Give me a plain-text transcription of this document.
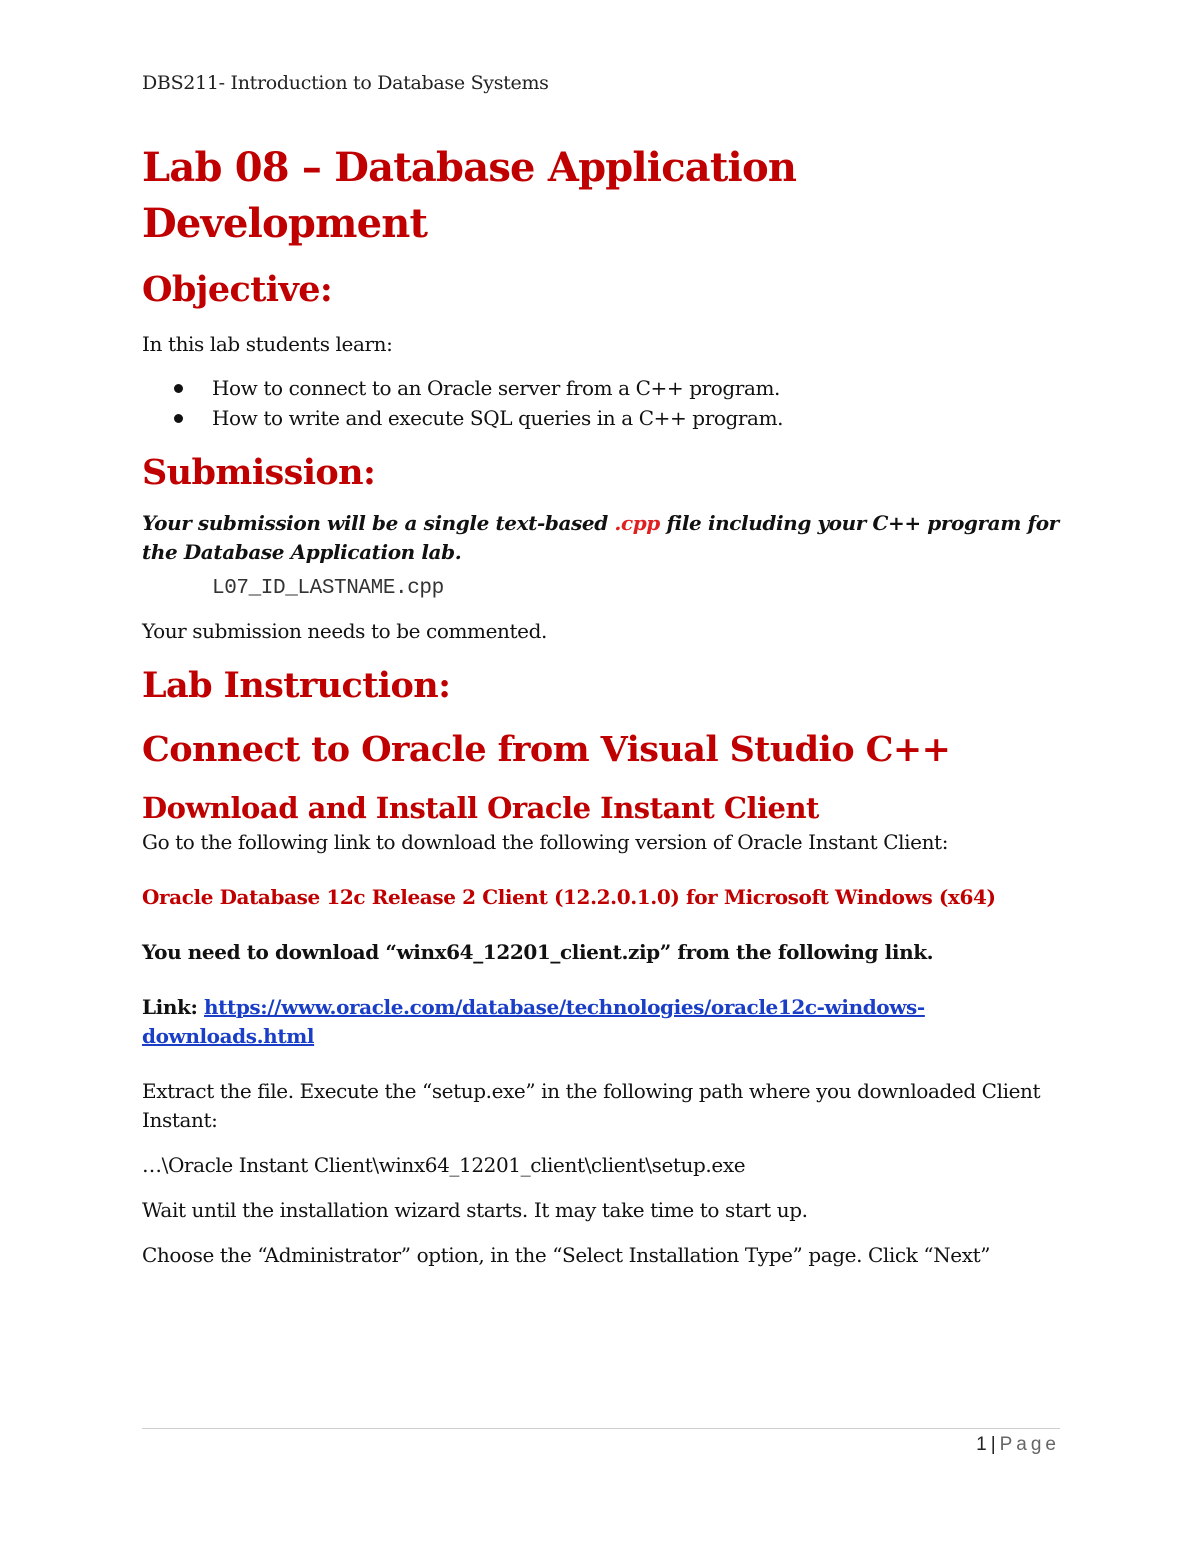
DBS211- Introduction to Database Systems
Lab 08 – Database Application Development
Objective:

In this lab students learn:

How to connect to an Oracle server from a C++ program.
How to write and execute SQL queries in a C++ program.
Submission:

Your submission will be a single text-based .cpp file including your C++ program for the Database Application lab.

L07_ID_LASTNAME.cpp

Your submission needs to be commented.

Lab Instruction:
Connect to Oracle from Visual Studio C++
Download and Install Oracle Instant Client

Go to the following link to download the following version of Oracle Instant Client:

Oracle Database 12c Release 2 Client (12.2.0.1.0) for Microsoft Windows (x64)

You need to download “winx64_12201_client.zip” from the following link.

Link: https://www.oracle.com/database/technologies/oracle12c-windows-downloads.html

Extract the file. Execute the “setup.exe” in the following path where you downloaded Client Instant:

…\Oracle Instant Client\winx64_12201_client\client\setup.exe

Wait until the installation wizard starts. It may take time to start up.

Choose the “Administrator” option, in the “Select Installation Type” page. Click “Next”

1 | Page
